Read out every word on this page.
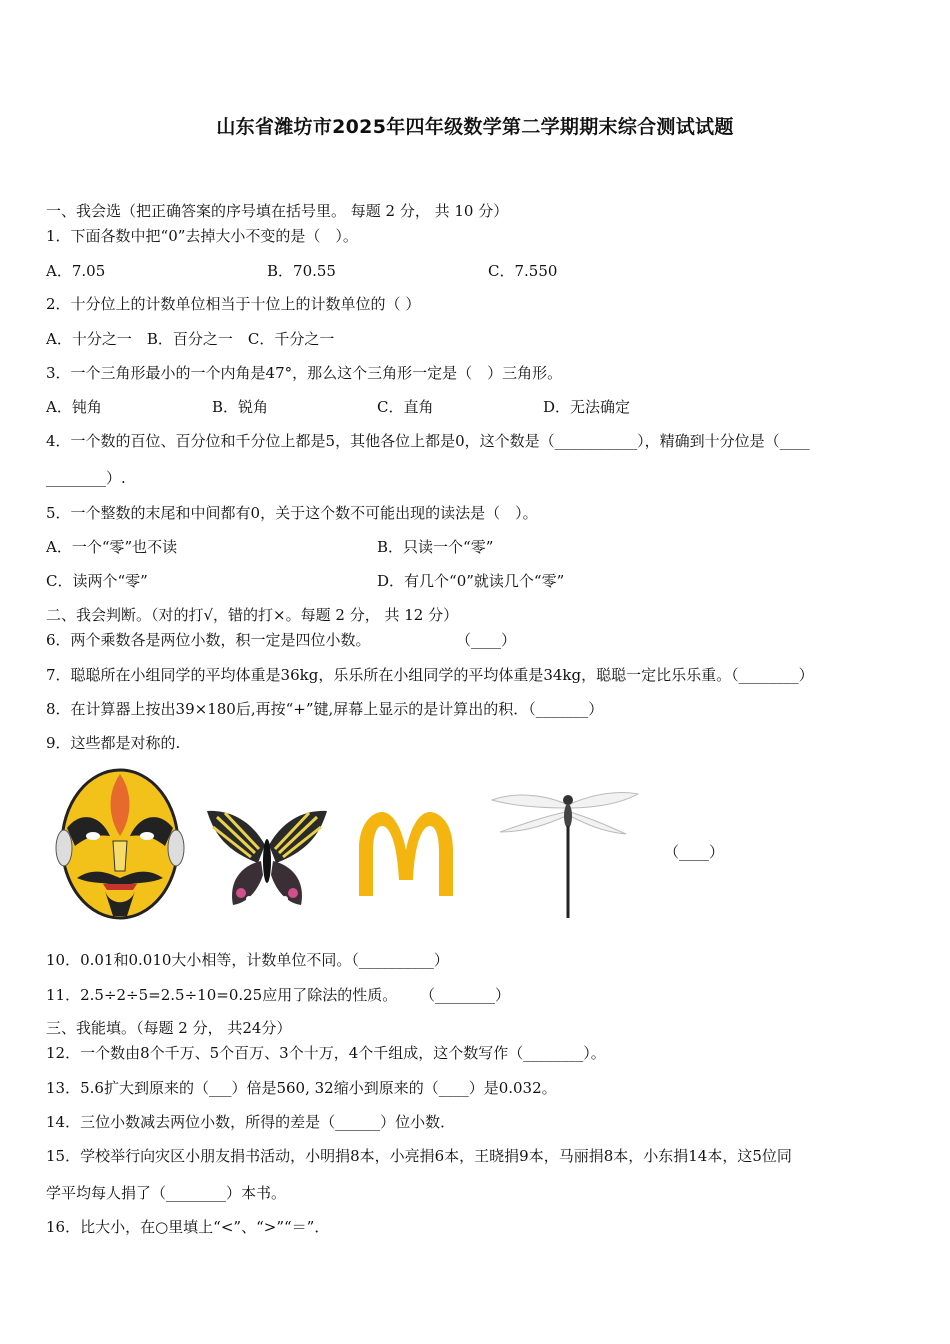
山东省潍坊市2025年四年级数学第二学期期末综合测试试题
一、我会选（把正确答案的序号填在括号里。 每题 2 分， 共 10 分）
1．下面各数中把“0”去掉大小不变的是（　）。
A．7.05	B．70.55	C．7.550
2．十分位上的计数单位相当于十位上的计数单位的（ ）
A．十分之一　B．百分之一　C．千分之一
3．一个三角形最小的一个内角是47°，那么这个三角形一定是（　）三角形。
A．钝角	B．锐角	C．直角	D．无法确定
4．一个数的百位、百分位和千分位上都是5，其他各位上都是0，这个数是（___________），精确到十分位是（____
________）.
5．一个整数的末尾和中间都有0，关于这个数不可能出现的读法是（　）。
A．一个“零”也不读	B．只读一个“零”
C．读两个“零”	D．有几个“0”就读几个“零”
二、我会判断。（对的打√，错的打×。每题 2 分， 共 12 分）
6．两个乘数各是两位小数，积一定是四位小数。	（____）
7．聪聪所在小组同学的平均体重是36kg，乐乐所在小组同学的平均体重是34kg，聪聪一定比乐乐重。（________）
8．在计算器上按出39×180后,再按“+”键,屏幕上显示的是计算出的积．（_______）
9．这些都是对称的.
（____）
10．0.01和0.010大小相等，计数单位不同。（__________）
11．2.5÷2÷5=2.5÷10=0.25应用了除法的性质。 （________）
三、我能填。（每题 2 分， 共24分）
12．一个数由8个千万、5个百万、3个十万，4个千组成，这个数写作（________）。
13．5.6扩大到原来的（___）倍是560, 32缩小到原来的（____）是0.032。
14．三位小数减去两位小数，所得的差是（______）位小数．
15．学校举行向灾区小朋友捐书活动，小明捐8本，小亮捐6本，王晓捐9本，马丽捐8本，小东捐14本，这5位同
学平均每人捐了（________）本书。
16．比大小，在○里填上“<”、“>”“＝”．
